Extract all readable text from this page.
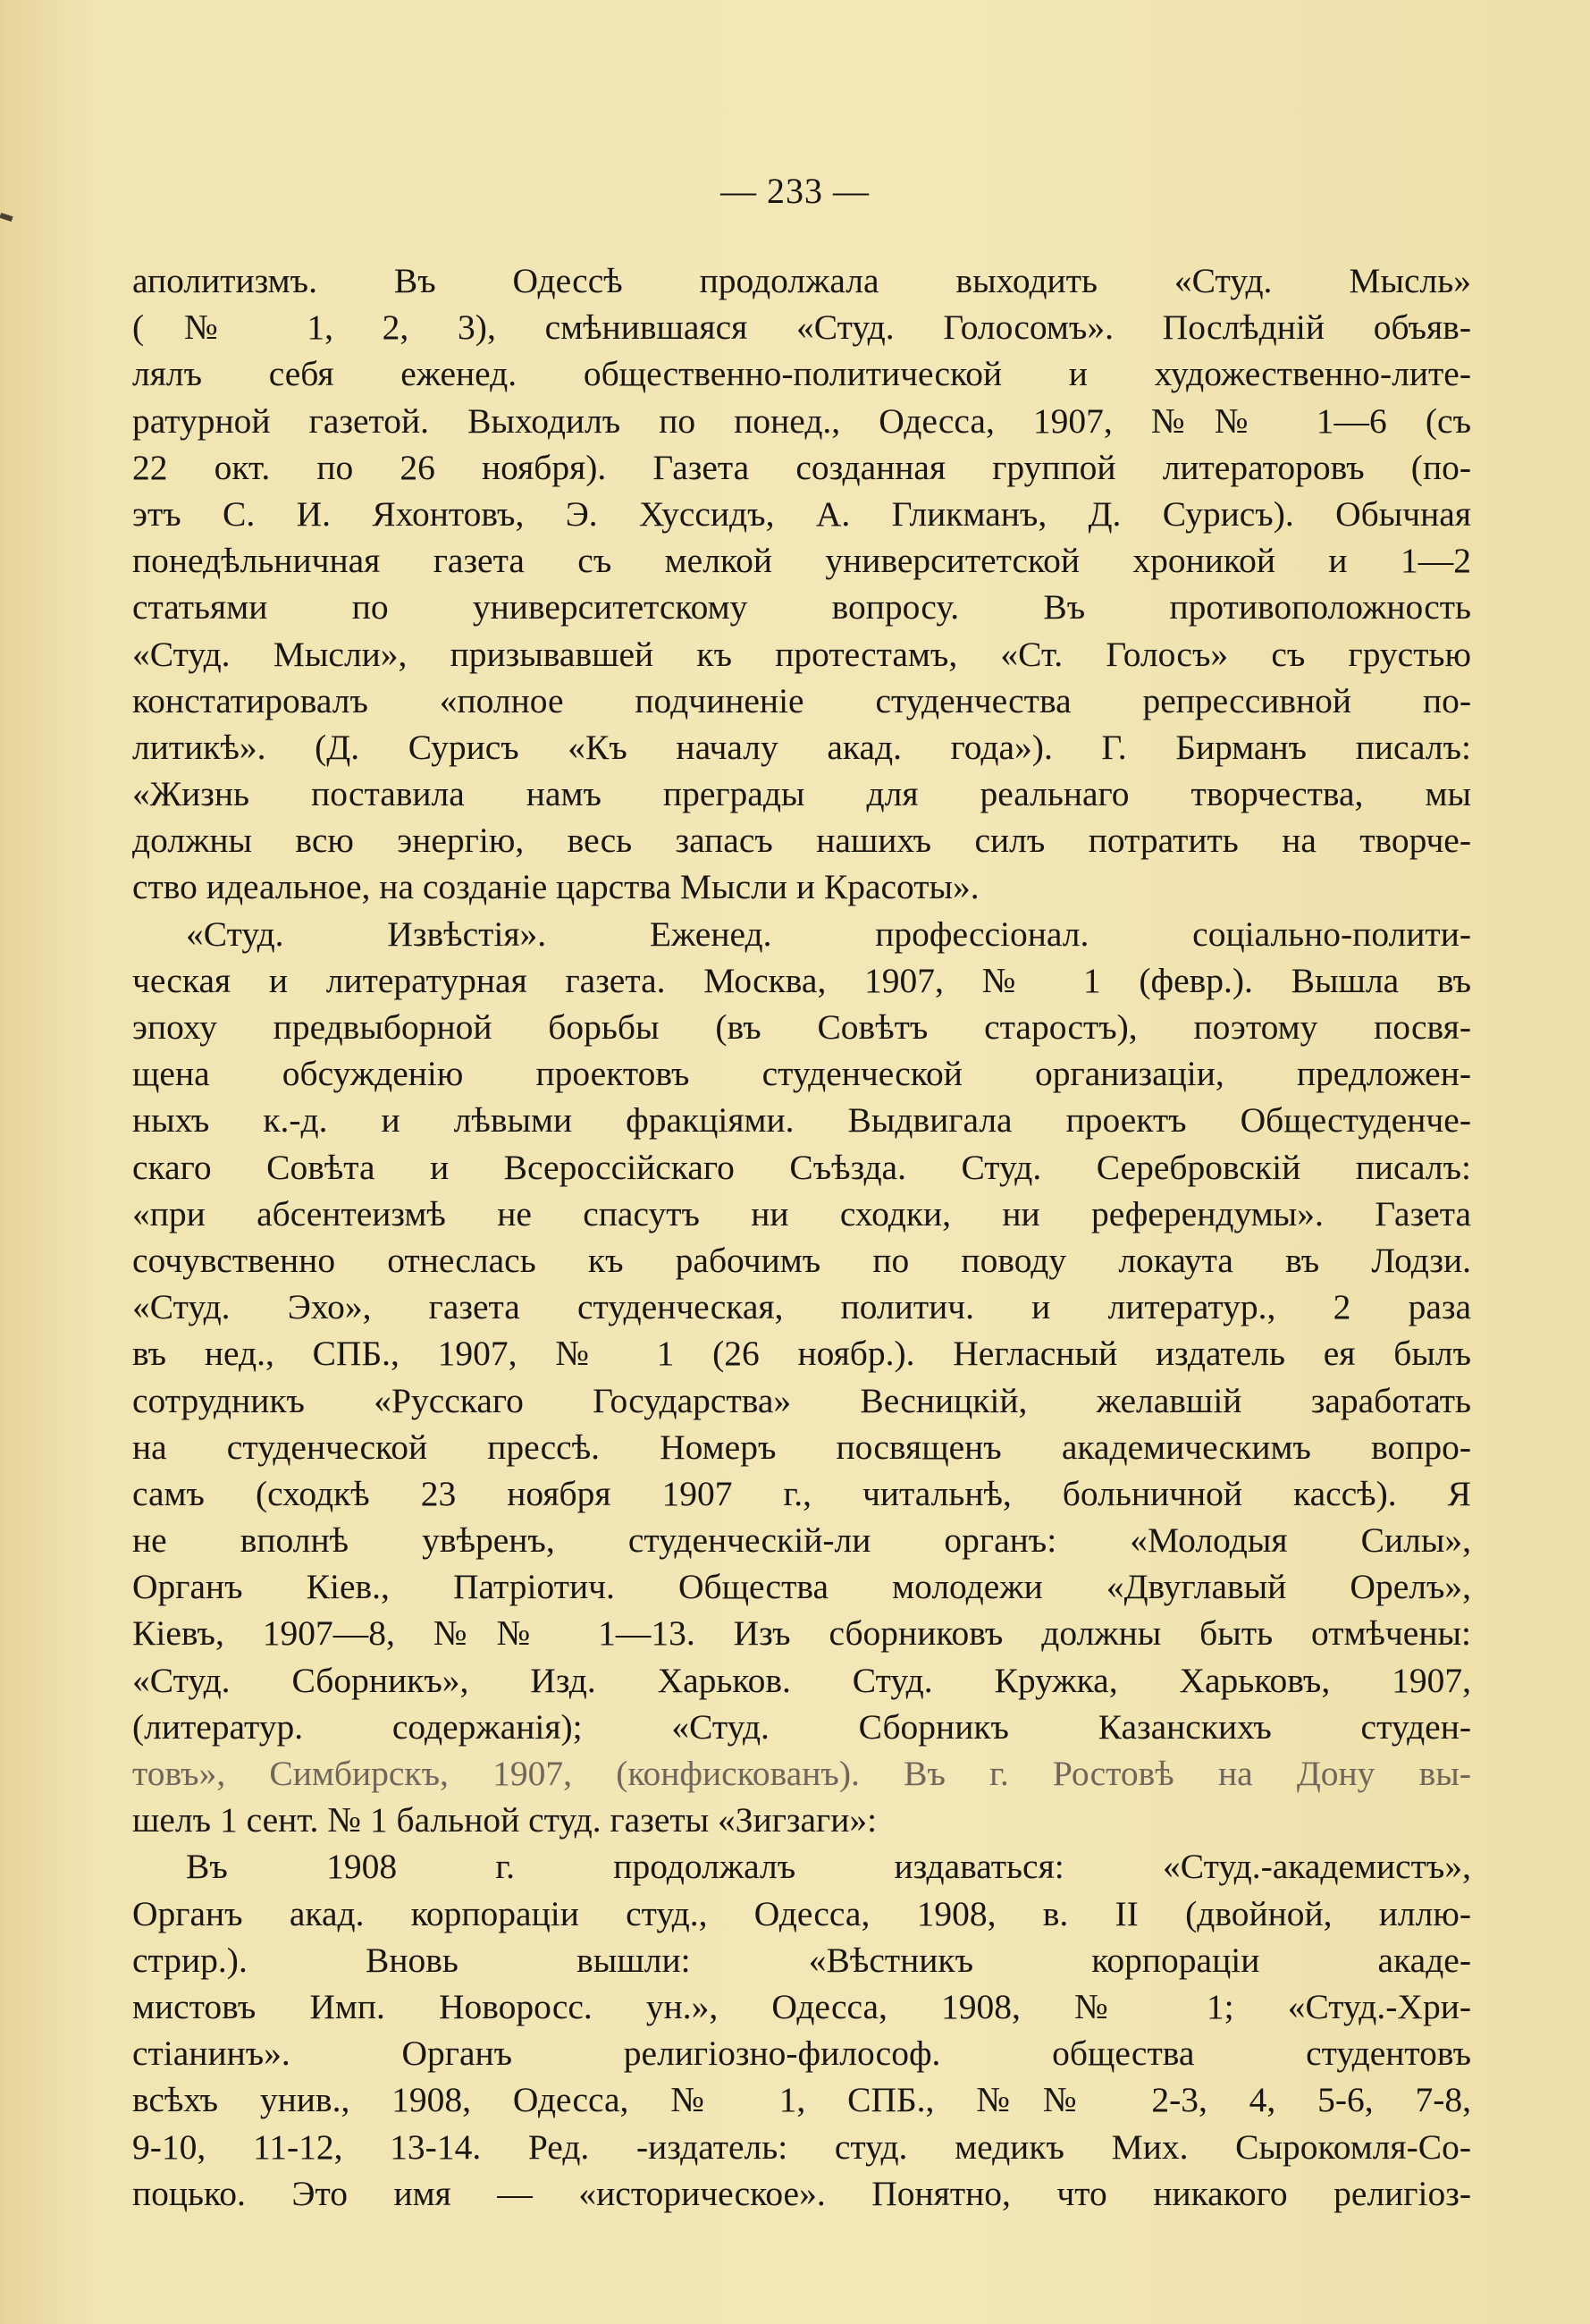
— 233 —
аполитизмъ. Въ Одессѣ продолжала выходить «Студ. Мысль»
(№ 1, 2, 3), смѣнившаяся «Студ. Голосомъ». Послѣдній объяв-
лялъ себя еженед. общественно-политической и художественно-лите-
ратурной газетой. Выходилъ по понед., Одесса, 1907, №№ 1—6 (съ
22 окт. по 26 ноября). Газета созданная группой литераторовъ (по-
этъ С. И. Яхонтовъ, Э. Хуссидъ, А. Гликманъ, Д. Сурисъ). Обычная
понедѣльничная газета съ мелкой университетской хроникой и 1—2
статьями по университетскому вопросу. Въ противоположность
«Студ. Мысли», призывавшей къ протестамъ, «Ст. Голосъ» съ грустью
констатировалъ «полное подчиненіе студенчества репрессивной по-
литикѣ». (Д. Сурисъ «Къ началу акад. года»). Г. Бирманъ писалъ:
«Жизнь поставила намъ преграды для реальнаго творчества, мы
должны всю энергію, весь запасъ нашихъ силъ потратить на творче-
ство идеальное, на созданіе царства Мысли и Красоты».
«Студ. Извѣстія». Еженед. профессіонал. соціально-полити-
ческая и литературная газета. Москва, 1907, № 1 (февр.). Вышла въ
эпоху предвыборной борьбы (въ Совѣтъ старостъ), поэтому посвя-
щена обсужденію проектовъ студенческой организаціи, предложен-
ныхъ к.-д. и лѣвыми фракціями. Выдвигала проектъ Общестуденче-
скаго Совѣта и Всероссійскаго Съѣзда. Студ. Серебровскій писалъ:
«при абсентеизмѣ не спасутъ ни сходки, ни референдумы». Газета
сочувственно отнеслась къ рабочимъ по поводу локаута въ Лодзи.
«Студ. Эхо», газета студенческая, политич. и литератур., 2 раза
въ нед., СПБ., 1907, № 1 (26 ноябр.). Негласный издатель ея былъ
сотрудникъ «Русскаго Государства» Весницкій, желавшій заработать
на студенческой прессѣ. Номеръ посвященъ академическимъ вопро-
самъ (сходкѣ 23 ноября 1907 г., читальнѣ, больничной кассѣ). Я
не вполнѣ увѣренъ, студенческій-ли органъ: «Молодыя Силы»,
Органъ Кіев., Патріотич. Общества молодежи «Двуглавый Орелъ»,
Кіевъ, 1907—8, №№ 1—13. Изъ сборниковъ должны быть отмѣчены:
«Студ. Сборникъ», Изд. Харьков. Студ. Кружка, Харьковъ, 1907,
(литератур. содержанія); «Студ. Сборникъ Казанскихъ студен-
товъ», Симбирскъ, 1907, (конфискованъ). Въ г. Ростовѣ на Дону вы-
шелъ 1 сент. № 1 бальной студ. газеты «Зигзаги»:
Въ 1908 г. продолжалъ издаваться: «Студ.-академистъ»,
Органъ акад. корпораціи студ., Одесса, 1908, в. II (двойной, иллю-
стрир.). Вновь вышли: «Вѣстникъ корпораціи акаде-
мистовъ Имп. Новоросс. ун.», Одесса, 1908, № 1; «Студ.-Хри-
стіанинъ». Органъ религіозно-философ. общества студентовъ
всѣхъ унив., 1908, Одесса, № 1, СПБ., №№ 2-3, 4, 5-6, 7-8,
9-10, 11-12, 13-14. Ред. -издатель: студ. медикъ Мих. Сырокомля-Со-
поцько. Это имя — «историческое». Понятно, что никакого религіоз-
